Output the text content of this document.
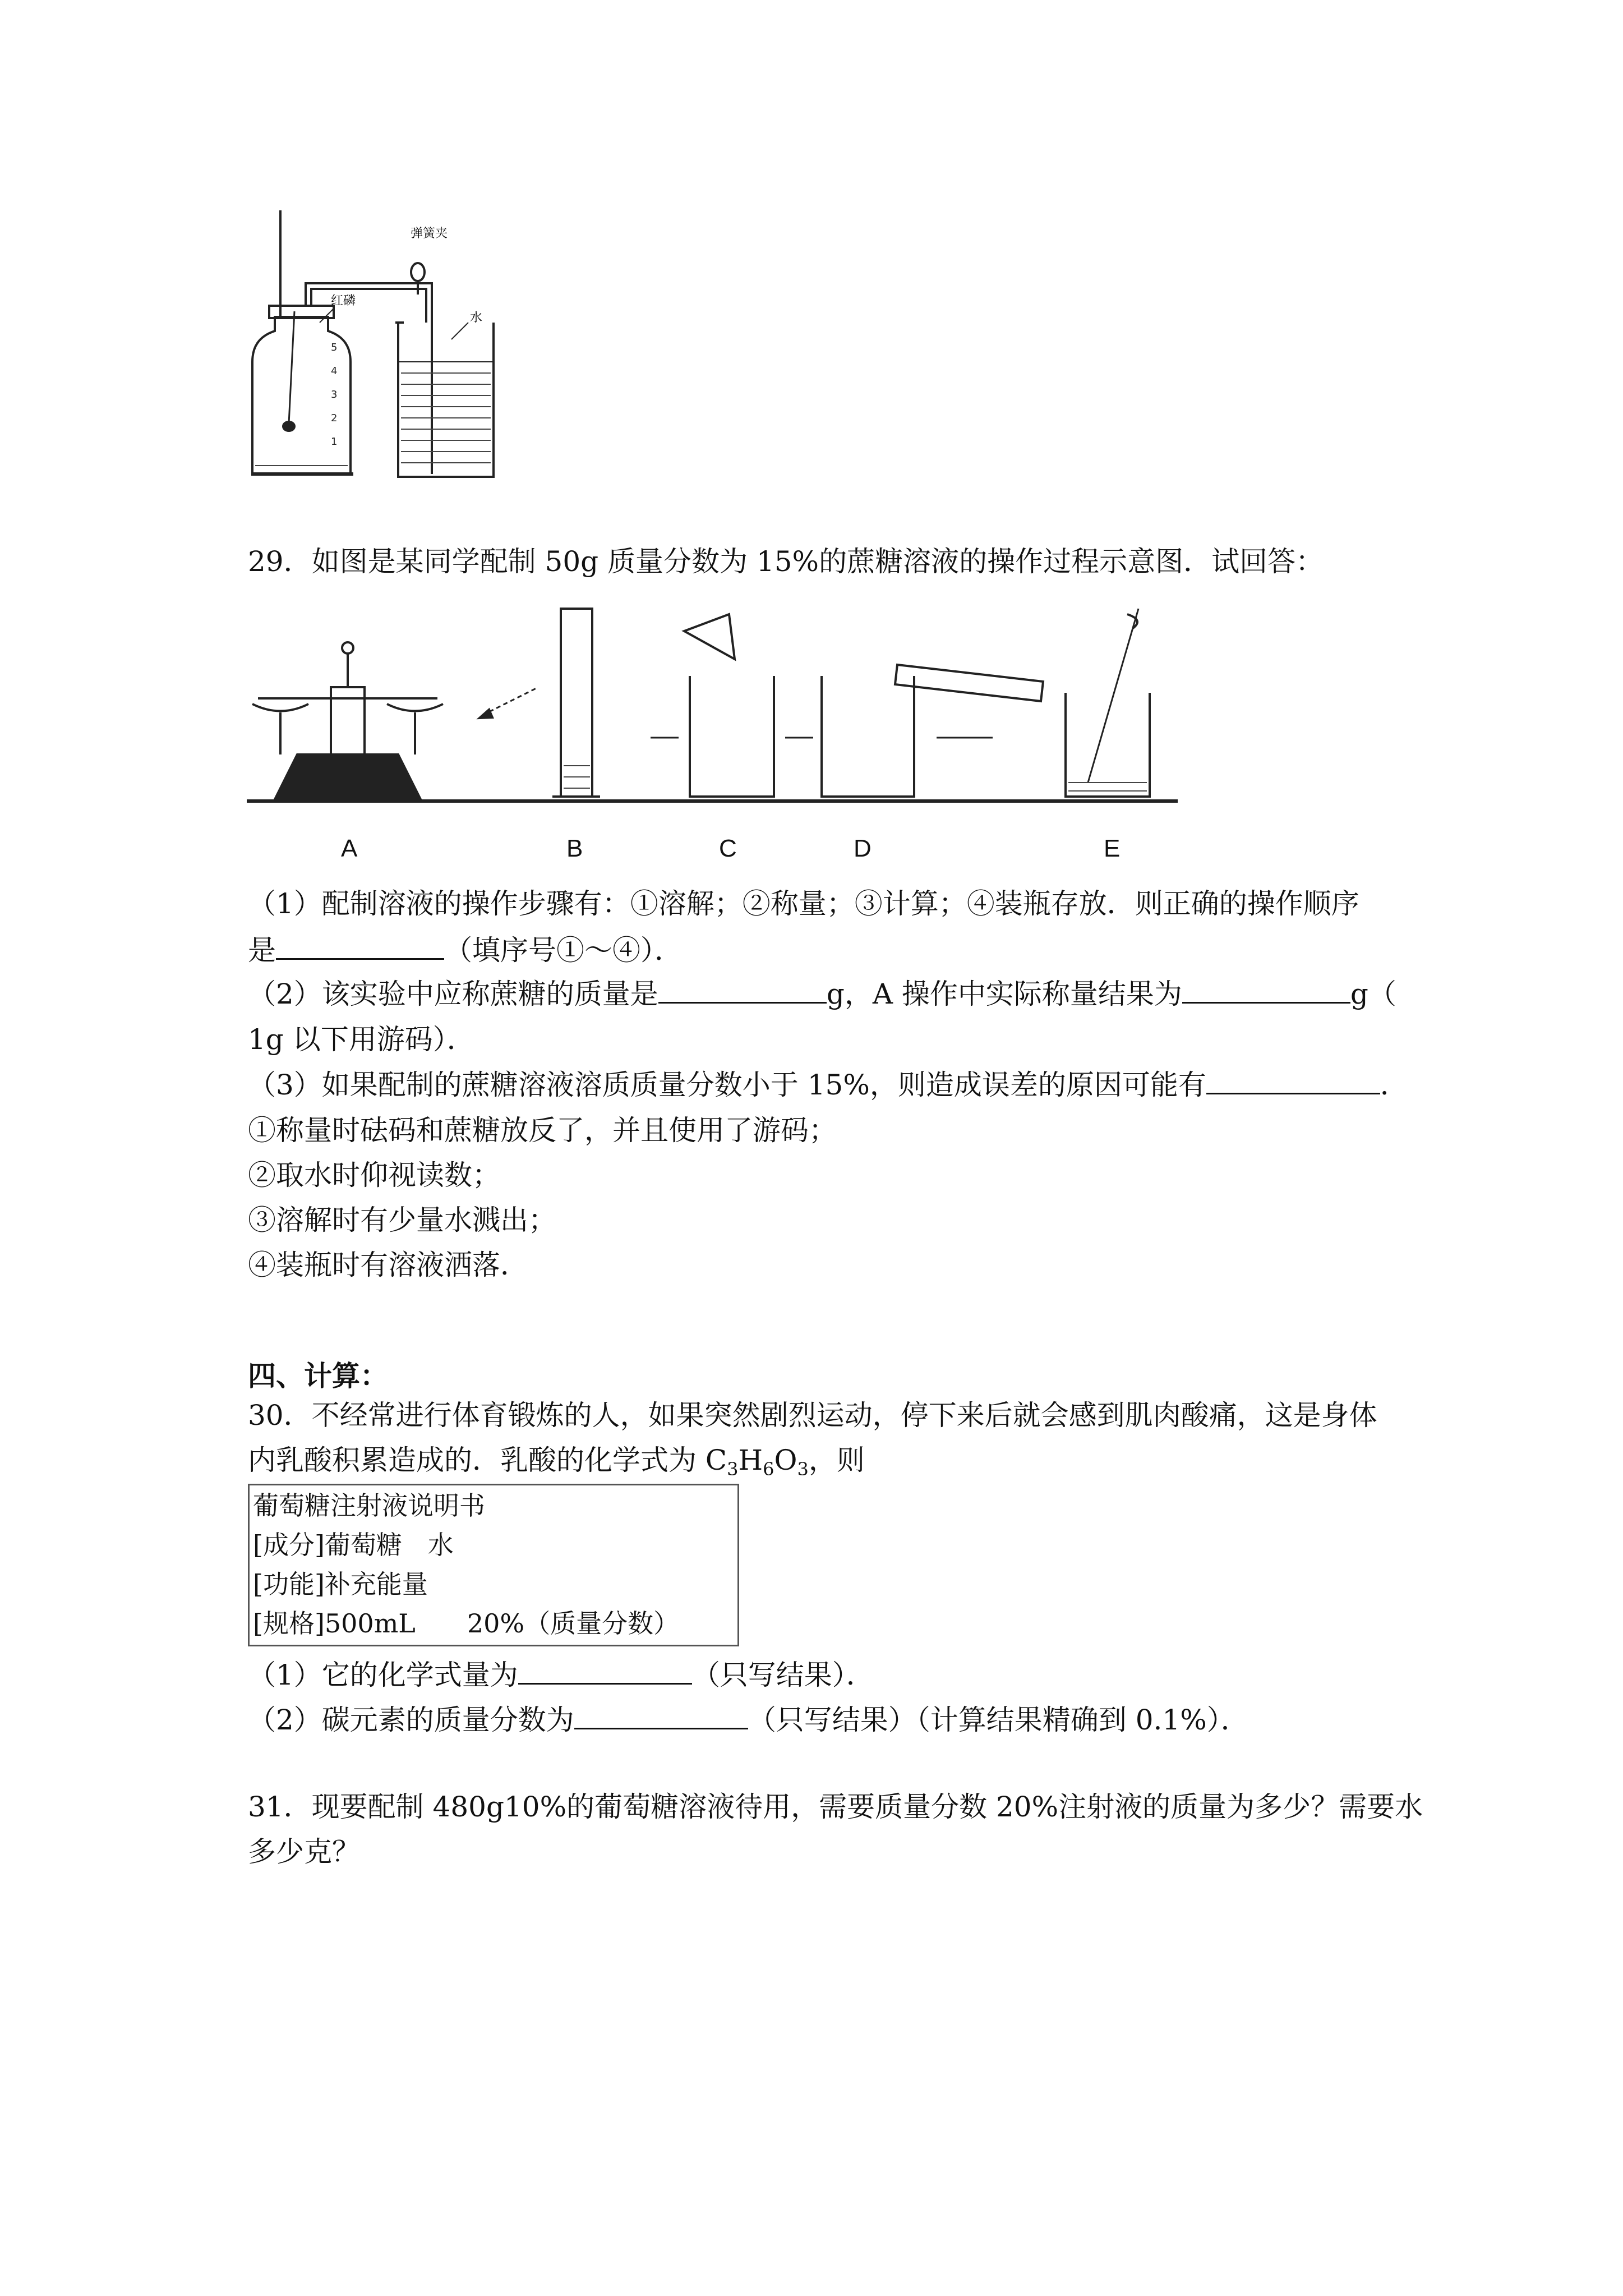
弹簧夹
红磷
水
5
4
3
2
1
29．如图是某同学配制 50g 质量分数为 15%的蔗糖溶液的操作过程示意图．试回答：
A	B	C	D	E
（1）配制溶液的操作步骤有：①溶解；②称量；③计算；④装瓶存放．则正确的操作顺序
是	（填序号①～④）．
（2）该实验中应称蔗糖的质量是	g，A 操作中实际称量结果为	g（
1g 以下用游码）．
（3）如果配制的蔗糖溶液溶质质量分数小于 15%，则造成误差的原因可能有	．
①称量时砝码和蔗糖放反了，并且使用了游码；
②取水时仰视读数；
③溶解时有少量水溅出；
④装瓶时有溶液洒落．
四、计算：
30．不经常进行体育锻炼的人，如果突然剧烈运动，停下来后就会感到肌肉酸痛，这是身体
内乳酸积累造成的．乳酸的化学式为 $C_3H_6O_3$，则
葡萄糖注射液说明书
[成分]葡萄糖　水
[功能]补充能量
[规格]500mL　　20%（质量分数）
（1）它的化学式量为	（只写结果）．
（2）碳元素的质量分数为	（只写结果）（计算结果精确到 0.1%）．
31．现要配制 480g10%的葡萄糖溶液待用，需要质量分数 20%注射液的质量为多少？需要水
多少克？
